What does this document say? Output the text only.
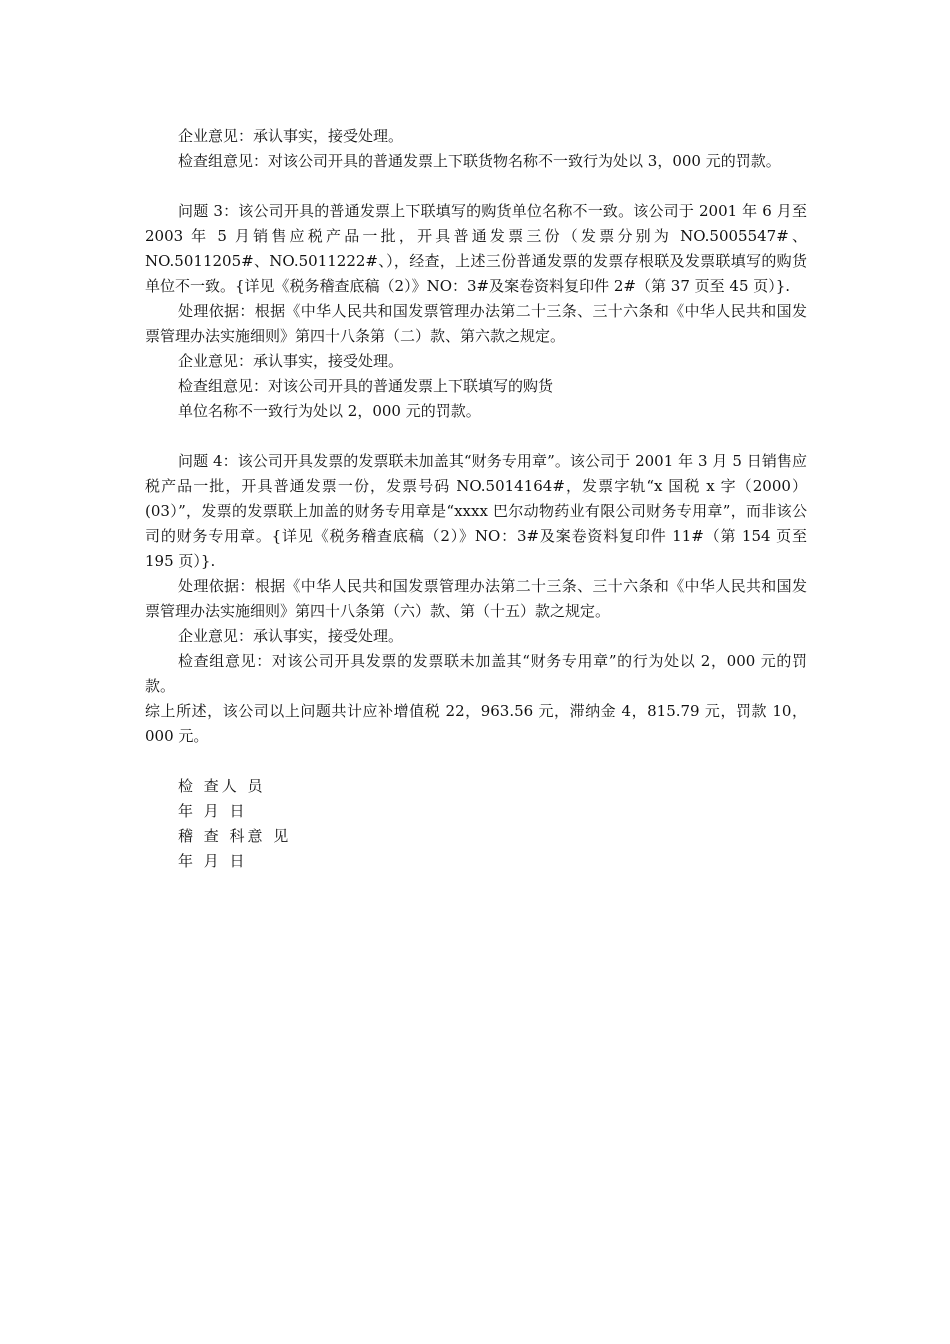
企业意见：承认事实，接受处理。

检查组意见：对该公司开具的普通发票上下联货物名称不一致行为处以 3，000 元的罚款。

问题 3：该公司开具的普通发票上下联填写的购货单位名称不一致。该公司于 2001 年 6 月至 2003 年 5 月销售应税产品一批，开具普通发票三份（发票分别为 NO.5005547#、NO.5011205#、NO.5011222#、），经查，上述三份普通发票的发票存根联及发票联填写的购货单位不一致。{详见《税务稽查底稿（2）》NO：3#及案卷资料复印件 2#（第 37 页至 45 页）}.

处理依据：根据《中华人民共和国发票管理办法第二十三条、三十六条和《中华人民共和国发票管理办法实施细则》第四十八条第（二）款、第六款之规定。

企业意见：承认事实，接受处理。

检查组意见：对该公司开具的普通发票上下联填写的购货

单位名称不一致行为处以 2，000 元的罚款。

问题 4：该公司开具发票的发票联未加盖其“财务专用章”。该公司于 2001 年 3 月 5 日销售应税产品一批，开具普通发票一份，发票号码 NO.5014164#，发票字轨“x 国税 x 字（2000）(03）”，发票的发票联上加盖的财务专用章是“xxxx 巴尔动物药业有限公司财务专用章”，而非该公司的财务专用章。{详见《税务稽查底稿（2）》NO：3#及案卷资料复印件 11#（第 154 页至 195 页）}.

处理依据：根据《中华人民共和国发票管理办法第二十三条、三十六条和《中华人民共和国发票管理办法实施细则》第四十八条第（六）款、第（十五）款之规定。

企业意见：承认事实，接受处理。

检查组意见：对该公司开具发票的发票联未加盖其“财务专用章”的行为处以 2，000 元的罚款。

综上所述，该公司以上问题共计应补增值税 22，963.56 元，滞纳金 4，815.79 元，罚款 10，000 元。

检 查人 员

年 月 日

稽 查 科意 见

年 月 日
